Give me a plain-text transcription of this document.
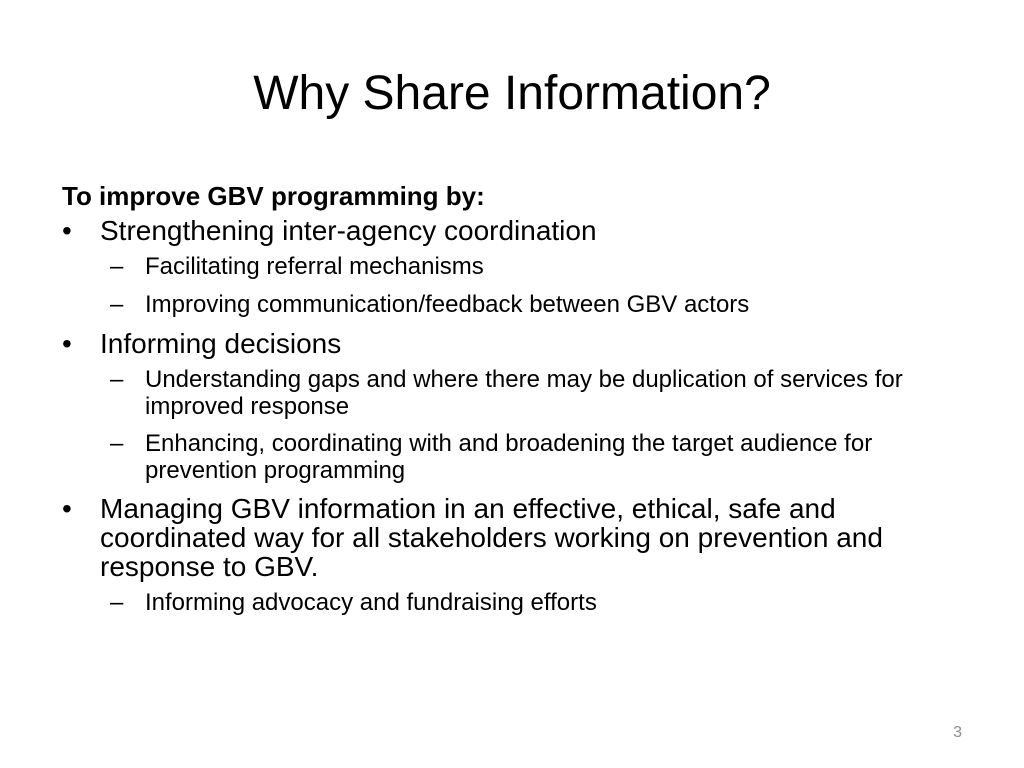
Why Share Information?
To improve GBV programming by:
• Strengthening inter-agency coordination
– Facilitating referral mechanisms
– Improving communication/feedback between GBV actors
• Informing decisions
– Understanding gaps and where there may be duplication of services for improved response
– Enhancing, coordinating with and broadening the target audience for prevention programming
• Managing GBV information in an effective, ethical, safe and coordinated way for all stakeholders working on prevention and response to GBV.
– Informing advocacy and fundraising efforts
3
